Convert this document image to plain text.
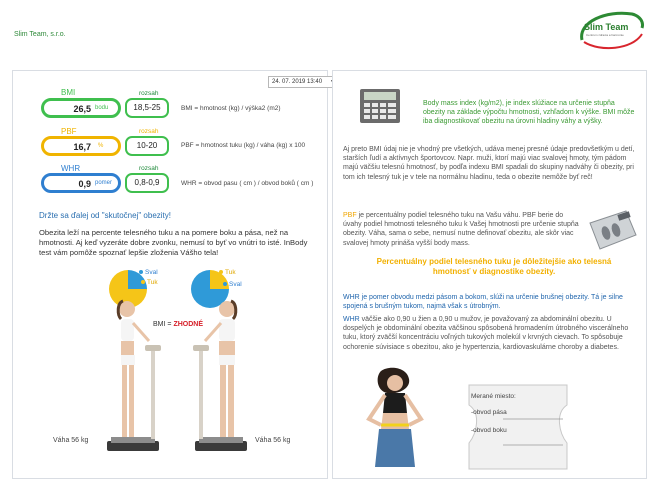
Slim Team, s.r.o.
Slim Team
Centrum zdravia a harmónie
24. 07. 2019 13:40
BMI
26,5 bodu
rozsah
18,5-25	BMI = hmotnost (kg) / výška2 (m2)
PBF
16,7 %
rozsah
10-20	PBF = hmotnost tuku (kg) / váha (kg) x 100
WHR
0,9 pomer
rozsah
0,8-0,9	WHR = obvod pasu ( cm ) / obvod boků ( cm )
Držte sa ďalej od "skutočnej" obezity!
Obezita leží na percente telesného tuku a na pomere boku a pása, než na hmotnosti. Aj keď vyzeráte dobre zvonku, nemusí to byť vo vnútri to isté. InBody test vám pomôže spoznať lepšie zloženia Vášho tela!
Sval
Tuk
Tuk
Sval
BMI = ZHODNÉ
Váha 56 kg	Váha 56 kg
Body mass index (kg/m2), je index slúžiace na určenie stupňa obezity na základe výpočtu hmotnosti, vzhľadom k výške. BMI môže iba diagnostikovať obezitu na úrovni hladiny váhy a výšky.
Aj preto BMI údaj nie je vhodný pre všetkých, udáva menej presné údaje predovšetkým u detí, starších ľudí a aktívnych športovcov. Napr. muži, ktorí majú viac svalovej hmoty, tým pádom majú väčšiu telesnú hmotnosť, by podľa indexu BMI spadali do skupiny nadváhy či obezity, pri tom ich telesný tuk je v tele na normálnu hladinu, teda o obezite nemôže byť reč!
PBF je percentuálny podiel telesného tuku na Vašu váhu. PBF berie do úvahy podiel hmotnosti telesného tuku k Vašej hmotnosti pre určenie stupňa obezity. Váha, sama o sebe, nemusí nutne definovať obezitu, ale skôr viac svalovej hmoty prináša vyšší body mass.
Percentuálny podiel telesného tuku je dôležitejšie ako telesná hmotnosť v diagnostike obezity.
WHR je pomer obvodu medzi pásom a bokom, slúži na určenie brušnej obezity. Tá je silne spojená s brušným tukom, najmä však s útrobným.
WHR väčšie ako 0,90 u žien a 0,90 u mužov, je považovaný za abdominální obezitu. U dospelých je obdominální obezita väčšinou spôsobená hromadením útrobného viscerálneho tuku, ktorý zväčší koncentráciu voľných tukových molekúl v krvných cievach. To spôsobuje ochorenie súvisiace s obezitou, ako je hypertenzia, kardiovaskulárne choroby a diabetes.
Merané miesto:
-obvod pása
-obvod boku
